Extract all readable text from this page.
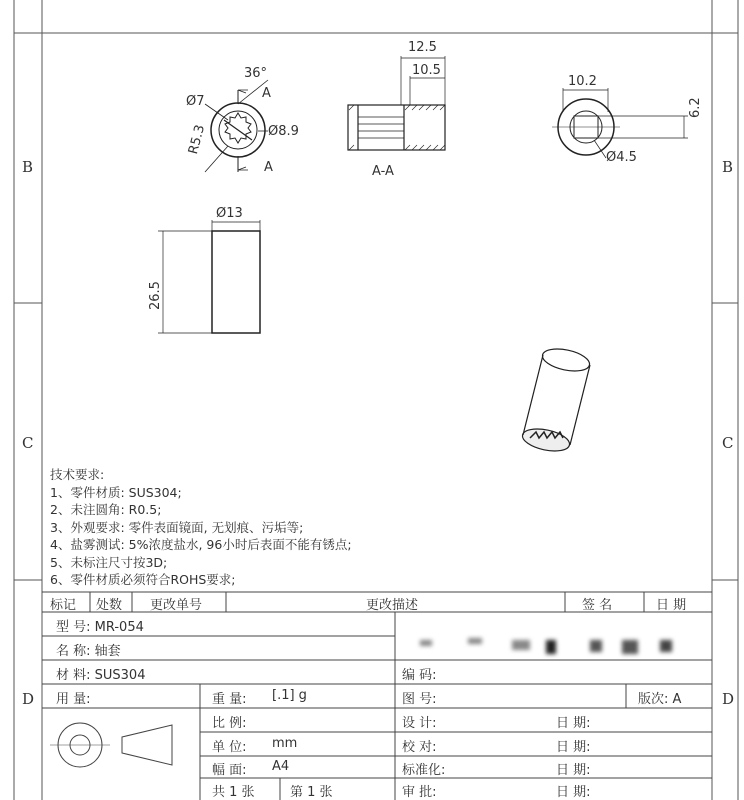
B	B
C	C
D	D
36°
Ø7
Ø8.9
R5.3
A
A
12.5
10.5
A-A
10.2
6.2
Ø4.5
Ø13
26.5
技术要求:
1、零件材质: SUS304;
2、未注圆角: R0.5;
3、外观要求: 零件表面镜面, 无划痕、污垢等;
4、盐雾测试: 5%浓度盐水, 96小时后表面不能有锈点;
5、未标注尺寸按3D;
6、零件材质必须符合ROHS要求;
标记 处数 更改单号	更改描述	签 名	日 期
型 号: MR-054
名 称: 轴套
材 料: SUS304	编 码:
用 量:	重 量: [.1] g	图 号:	版次: A
比 例:	设 计:	日 期:
单 位: mm	校 对:	日 期:
幅 面: A4	标准化:	日 期:
共 1 张	第 1 张	审 批:	日 期:
